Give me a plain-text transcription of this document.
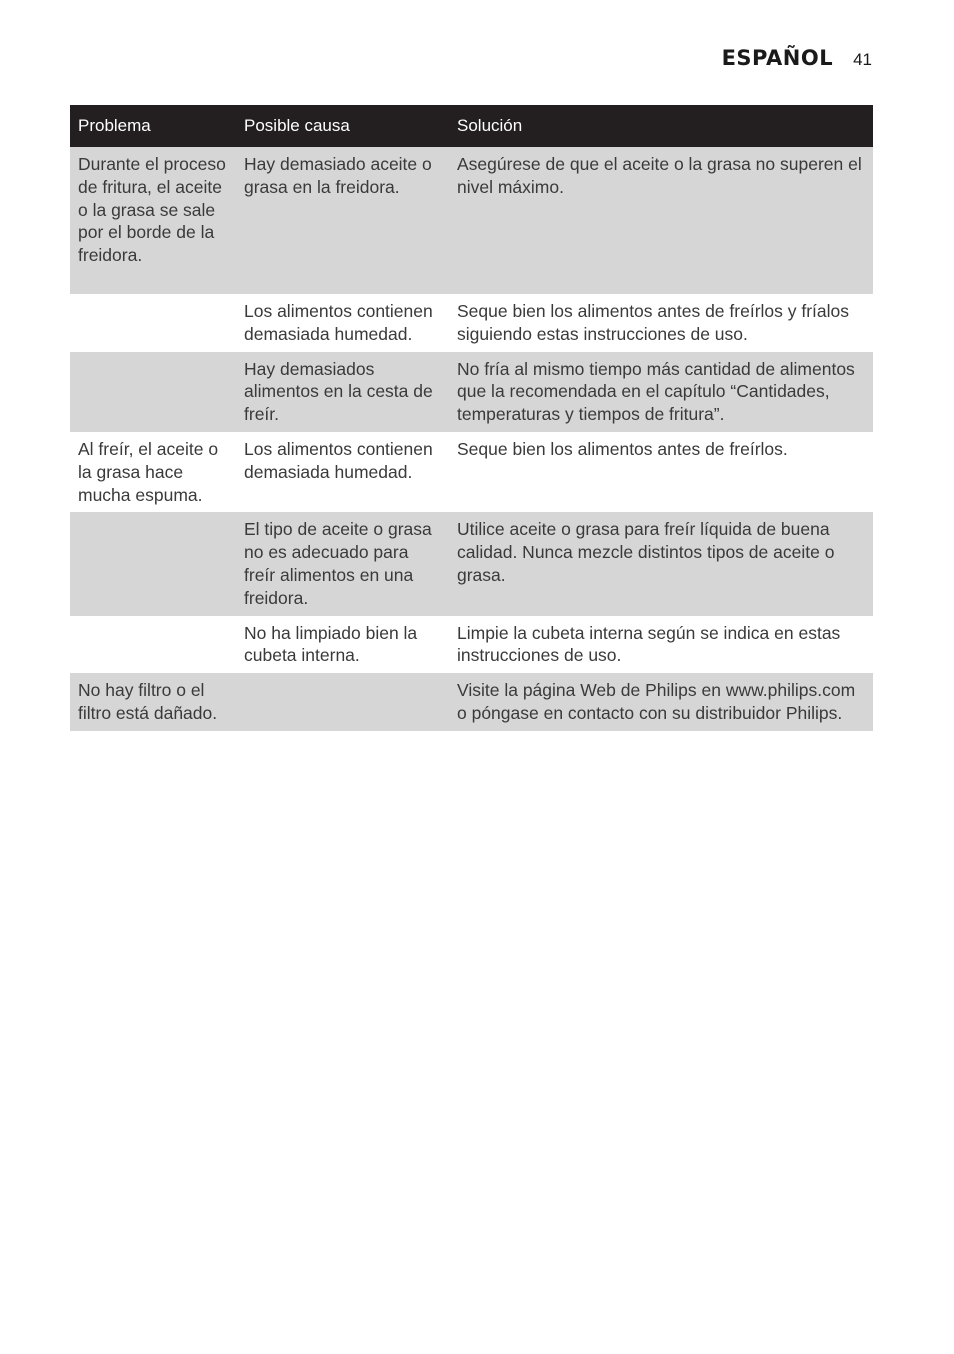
ESPAÑOL 41
Problema	Posible causa	Solución
Durante el proceso de fritura, el aceite o la grasa se sale por el borde de la freidora.	Hay demasiado aceite o grasa en la freidora.	Asegúrese de que el aceite o la grasa no superen el nivel máximo.
	Los alimentos contienen demasiada humedad.	Seque bien los alimentos antes de freírlos y fríalos siguiendo estas instrucciones de uso.
	Hay demasiados alimentos en la cesta de freír.	No fría al mismo tiempo más cantidad de alimentos que la recomendada en el capítulo “Cantidades, temperaturas y tiempos de fritura”.
Al freír, el aceite o la grasa hace mucha espuma.	Los alimentos contienen demasiada humedad.	Seque bien los alimentos antes de freírlos.
	El tipo de aceite o grasa no es adecuado para freír alimentos en una freidora.	Utilice aceite o grasa para freír líquida de buena calidad. Nunca mezcle distintos tipos de aceite o grasa.
	No ha limpiado bien la cubeta interna.	Limpie la cubeta interna según se indica en estas instrucciones de uso.
No hay filtro o el filtro está dañado.		Visite la página Web de Philips en www.philips.com o póngase en contacto con su distribuidor Philips.
